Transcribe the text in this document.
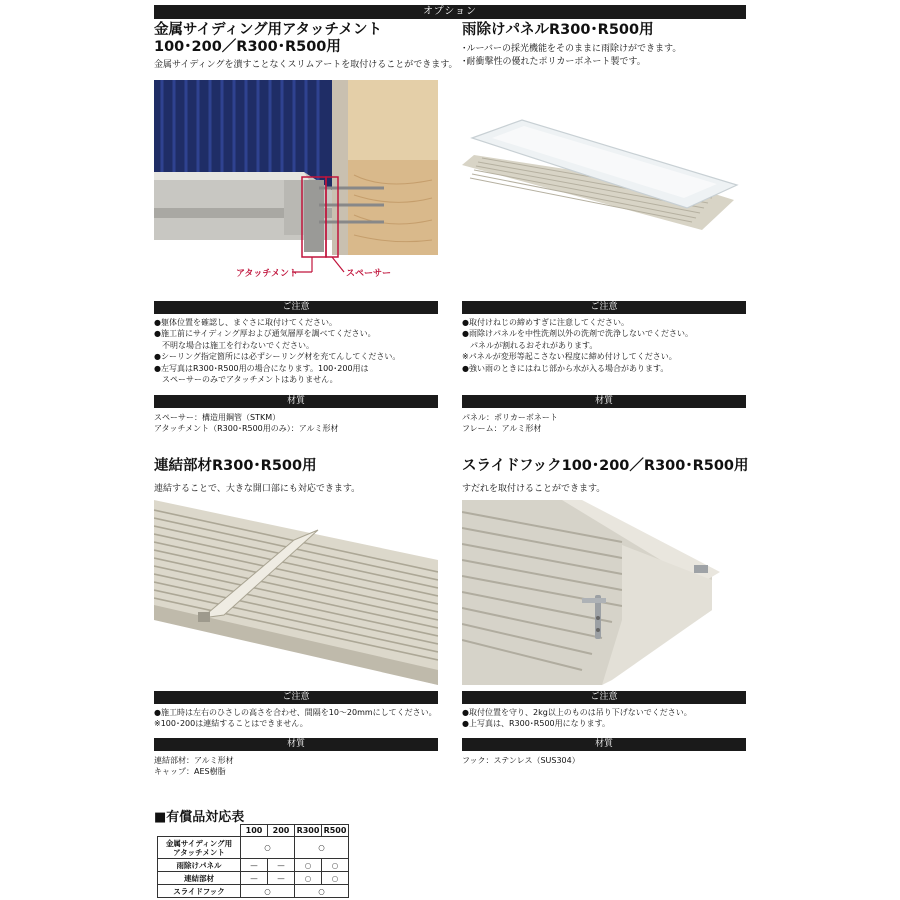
オプション
金属サイディング用アタッチメント
100･200／R300･R500用
金属サイディングを潰すことなくスリムアートを取付けることができます。
アタッチメント	スペーサー
ご注意
●躯体位置を確認し、まぐさに取付けてください。
●施工前にサイディング厚および通気層厚を調べてください。
　不明な場合は施工を行わないでください。
●シーリング指定箇所には必ずシーリング材を充てんしてください。
●左写真はR300･R500用の場合になります。100･200用は
　スペーサーのみでアタッチメントはありません。
材質
スペーサー：構造用鋼管（STKM）
アタッチメント（R300･R500用のみ）：アルミ形材
雨除けパネルR300･R500用
･ルーバーの採光機能をそのままに雨除けができます。
･耐衝撃性の優れたポリカーボネート製です。
ご注意
●取付けねじの締めすぎに注意してください。
●雨除けパネルを中性洗剤以外の洗剤で洗浄しないでください。
　パネルが割れるおそれがあります。
※パネルが変形等起こさない程度に締め付けしてください。
●強い雨のときにはねじ部から水が入る場合があります。
材質
パネル：ポリカーボネート
フレーム：アルミ形材
連結部材R300･R500用
連結することで、大きな開口部にも対応できます。
ご注意
●施工時は左右のひさしの高さを合わせ、間隔を10〜20mmにしてください。
※100･200は連結することはできません。
材質
連結部材：アルミ形材
キャップ：AES樹脂
スライドフック100･200／R300･R500用
すだれを取付けることができます。
ご注意
●取付位置を守り、2kg以上のものは吊り下げないでください。
●上写真は、R300･R500用になります。
材質
フック：ステンレス（SUS304）
■有償品対応表
	100	200	R300	R500

金属サイディング用
アタッチメント	○		○	
雨除けパネル	—	—	○	○
連結部材	—	—	○	○
スライドフック	○		○	
